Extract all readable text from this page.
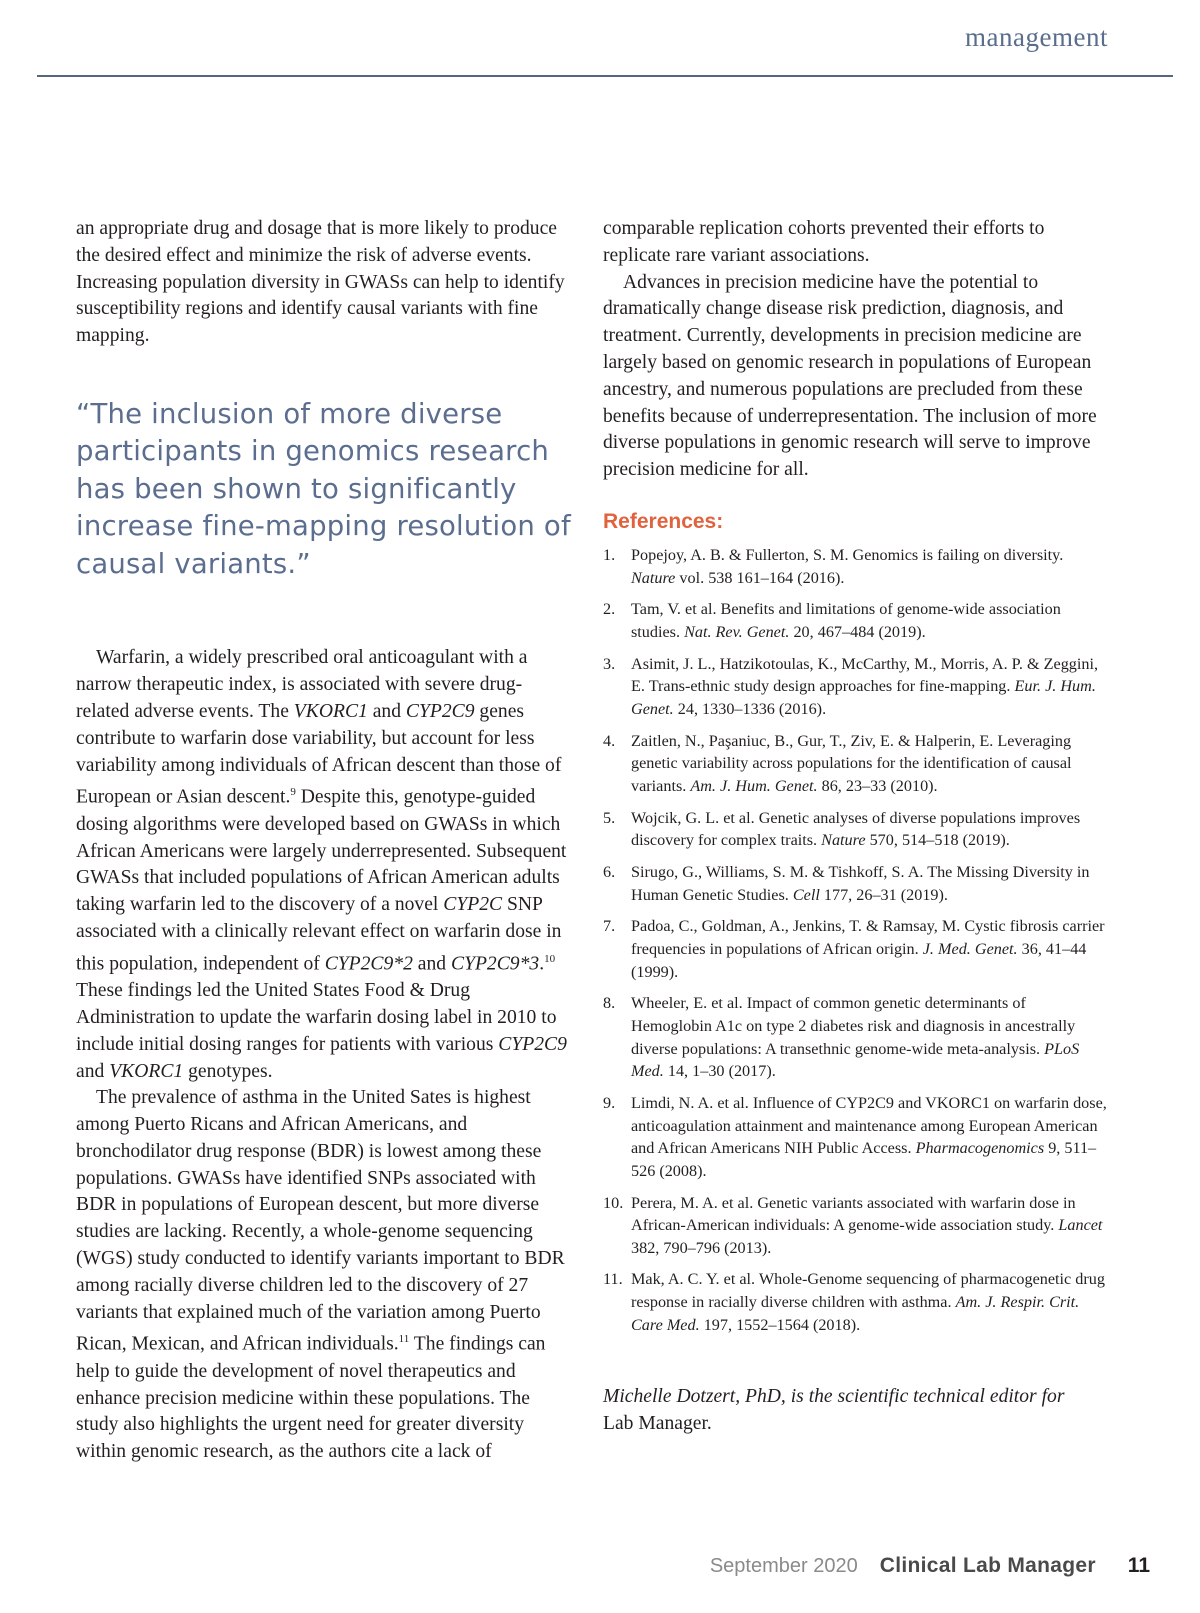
management

an appropriate drug and dosage that is more likely to produce the desired effect and minimize the risk of adverse events. Increasing population diversity in GWASs can help to identify susceptibility regions and identify causal variants with fine mapping.

“The inclusion of more diverse participants in genomics research has been shown to significantly increase fine-mapping resolution of causal variants.”

Warfarin, a widely prescribed oral anticoagulant with a narrow therapeutic index, is associated with severe drug-related adverse events. The VKORC1 and CYP2C9 genes contribute to warfarin dose variability, but account for less variability among individuals of African descent than those of European or Asian descent.$^9$ Despite this, genotype-guided dosing algorithms were developed based on GWASs in which African Americans were largely underrepresented. Subsequent GWASs that included populations of African American adults taking warfarin led to the discovery of a novel CYP2C SNP associated with a clinically relevant effect on warfarin dose in this population, independent of CYP2C9*2 and CYP2C9*3.10 These findings led the United States Food & Drug Administration to update the warfarin dosing label in 2010 to include initial dosing ranges for patients with various CYP2C9 and VKORC1 genotypes.

The prevalence of asthma in the United Sates is highest among Puerto Ricans and African Americans, and bronchodilator drug response (BDR) is lowest among these populations. GWASs have identified SNPs associated with BDR in populations of European descent, but more diverse studies are lacking. Recently, a whole-genome sequencing (WGS) study conducted to identify variants important to BDR among racially diverse children led to the discovery of 27 variants that explained much of the variation among Puerto Rican, Mexican, and African individuals.$^{11}$ The findings can help to guide the development of novel therapeutics and enhance precision medicine within these populations. The study also highlights the urgent need for greater diversity within genomic research, as the authors cite a lack of

comparable replication cohorts prevented their efforts to replicate rare variant associations.

Advances in precision medicine have the potential to dramatically change disease risk prediction, diagnosis, and treatment. Currently, developments in precision medicine are largely based on genomic research in populations of European ancestry, and numerous populations are precluded from these benefits because of underrepresentation. The inclusion of more diverse populations in genomic research will serve to improve precision medicine for all.

References:
1. Popejoy, A. B. & Fullerton, S. M. Genomics is failing on diversity. Nature vol. 538 161–164 (2016).
2. Tam, V. et al. Benefits and limitations of genome-wide association studies. Nat. Rev. Genet. 20, 467–484 (2019).
3. Asimit, J. L., Hatzikotoulas, K., McCarthy, M., Morris, A. P. & Zeggini, E. Trans-ethnic study design approaches for fine-mapping. Eur. J. Hum. Genet. 24, 1330–1336 (2016).
4. Zaitlen, N., Paşaniuc, B., Gur, T., Ziv, E. & Halperin, E. Leveraging genetic variability across populations for the identification of causal variants. Am. J. Hum. Genet. 86, 23–33 (2010).
5. Wojcik, G. L. et al. Genetic analyses of diverse populations improves discovery for complex traits. Nature 570, 514–518 (2019).
6. Sirugo, G., Williams, S. M. & Tishkoff, S. A. The Missing Diversity in Human Genetic Studies. Cell 177, 26–31 (2019).
7. Padoa, C., Goldman, A., Jenkins, T. & Ramsay, M. Cystic fibrosis carrier frequencies in populations of African origin. J. Med. Genet. 36, 41–44 (1999).
8. Wheeler, E. et al. Impact of common genetic determinants of Hemoglobin A1c on type 2 diabetes risk and diagnosis in ancestrally diverse populations: A transethnic genome-wide meta-analysis. PLoS Med. 14, 1–30 (2017).
9. Limdi, N. A. et al. Influence of CYP2C9 and VKORC1 on warfarin dose, anticoagulation attainment and maintenance among European American and African Americans NIH Public Access. Pharmacogenomics 9, 511–526 (2008).
10. Perera, M. A. et al. Genetic variants associated with warfarin dose in African-American individuals: A genome-wide association study. Lancet 382, 790–796 (2013).
11. Mak, A. C. Y. et al. Whole-Genome sequencing of pharmacogenetic drug response in racially diverse children with asthma. Am. J. Respir. Crit. Care Med. 197, 1552–1564 (2018).

Michelle Dotzert, PhD, is the scientific technical editor for
Lab Manager.

September 2020 Clinical Lab Manager 11
